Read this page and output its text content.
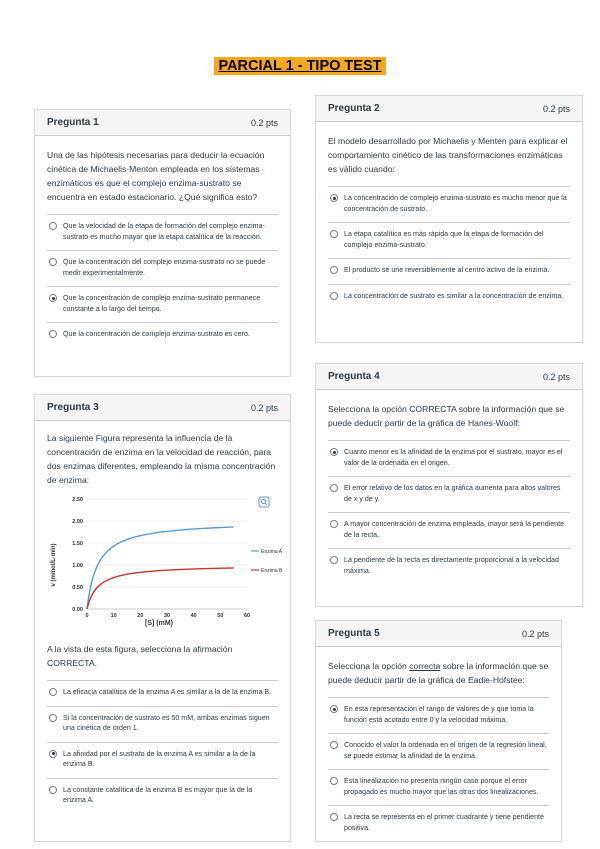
PARCIAL 1 - TIPO TEST
Pregunta 1	0.2 pts
Una de las hipótesis necesarias para deducir la ecuación cinética de Michaelis-Menton empleada en los sistemas enzimáticos es que el complejo enzima-sustrato se encuentra en estado estacionario. ¿Qué significa esto?
Que la velocidad de la etapa de formación del complejo enzima-sustrato es mucho mayor que la etapa catalítica de la reacción.
Que la concentración del complejo enzima-sustrato no se puede medir experimentalmente.
Que la concentración de complejo enzima-sustrato permanece constante a lo largo del tiempo.
Que la concentración de complejo enzima-sustrato es cero.
Pregunta 2	0.2 pts
El modelo desarrollado por Michaelis y Menten para explicar el comportamiento cinético de las transformaciones enzimáticas es válido cuando:
La concentración de complejo enzima-sustrato es mucho menor que la concentración de sustrato.
La etapa catalítica es más rápida que la etapa de formación del complejo enzima-sustrato.
El producto se une reversiblemente al centro activo de la enzima.
La concentración de sustrato es similar a la concentración de enzima.
Pregunta 3	0.2 pts
La siguiente Figura representa la influencia de la concentración de enzima en la velocidad de reacción, para dos enzimas diferentes, empleando la misma concentración de enzima:
0.00
0.50
1.00
1.50
2.00
2.50
0	10	20	30	40	50	60
Enzima A
Enzima B
v (mmol/L·min)
[S] (mM)
A la vista de esta figura, selecciona la afirmación CORRECTA.
La eficacia catalítica de la enzima A es similar a la de la enzima B.
Si la concentración de sustrato es 50 mM, ambas enzimas siguen una cinética de orden 1.
La afinidad por el sustrato de la enzima A es similar a la de la enzima B.
La constante catalítica de la enzima B es mayor que la de la enzima A.
Pregunta 4	0.2 pts
Selecciona la opción CORRECTA sobre la información que se puede deducir partir de la gráfica de Hanes-Woolf:
Cuanto menor es la afinidad de la enzima por el sustrato, mayor es el valor de la ordenada en el origen.
El error relativo de los datos en la gráfica aumenta para altos valores de x y de y.
A mayor concentración de enzima empleada, mayor será la pendiente de la recta.
La pendiente de la recta es directamente proporcional a la velocidad máxima.
Pregunta 5	0.2 pts
Selecciona la opción correcta sobre la información que se puede deducir partir de la gráfica de Eadie-Hofstee:
En esta representación el rango de valores de y que toma la función está acotado entre 0 y la velocidad máxima.
Conocido el valor la ordenada en el origen de la regresión lineal, se puede estimar la afinidad de la enzima.
Esta linealización no presenta ningún caso porque el error propagado es mucho mayor que las otras dos linealizaciones.
La recta se representa en el primer cuadrante y tiene pendiente positiva.
